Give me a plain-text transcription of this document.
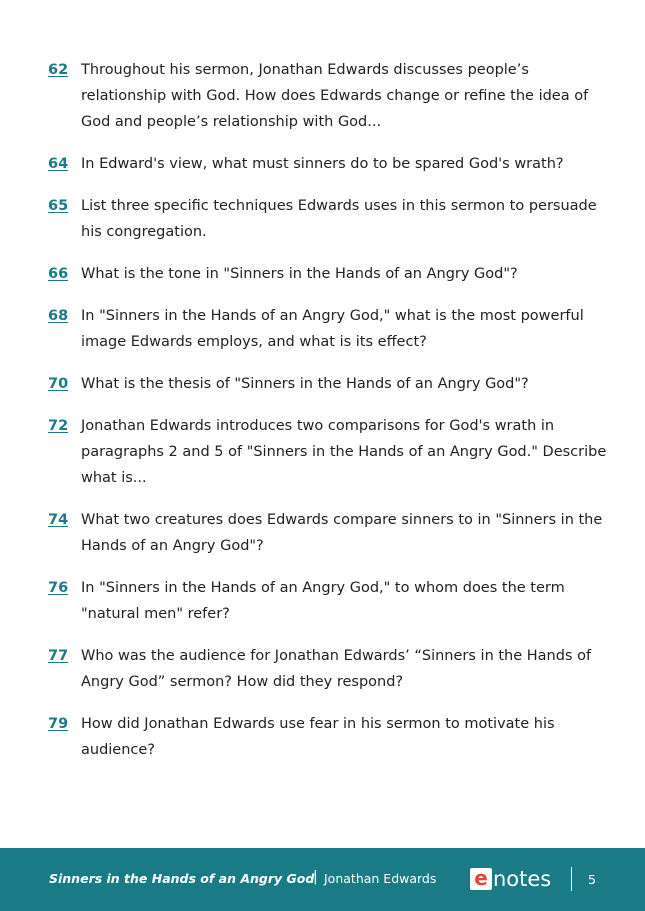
62 Throughout his sermon, Jonathan Edwards discusses people’s relationship with God. How does Edwards change or refine the idea of God and people’s relationship with God...
64 In Edward's view, what must sinners do to be spared God's wrath?
65 List three specific techniques Edwards uses in this sermon to persuade his congregation.
66 What is the tone in "Sinners in the Hands of an Angry God"?
68 In "Sinners in the Hands of an Angry God," what is the most powerful image Edwards employs, and what is its effect?
70 What is the thesis of "Sinners in the Hands of an Angry God"?
72 Jonathan Edwards introduces two comparisons for God's wrath in paragraphs 2 and 5 of "Sinners in the Hands of an Angry God." Describe what is...
74 What two creatures does Edwards compare sinners to in "Sinners in the Hands of an Angry God"?
76 In "Sinners in the Hands of an Angry God," to whom does the term "natural men" refer?
77 Who was the audience for Jonathan Edwards’ “Sinners in the Hands of Angry God” sermon? How did they respond?
79 How did Jonathan Edwards use fear in his sermon to motivate his audience?
Sinners in the Hands of an Angry God
| Jonathan Edwards e notes	5
